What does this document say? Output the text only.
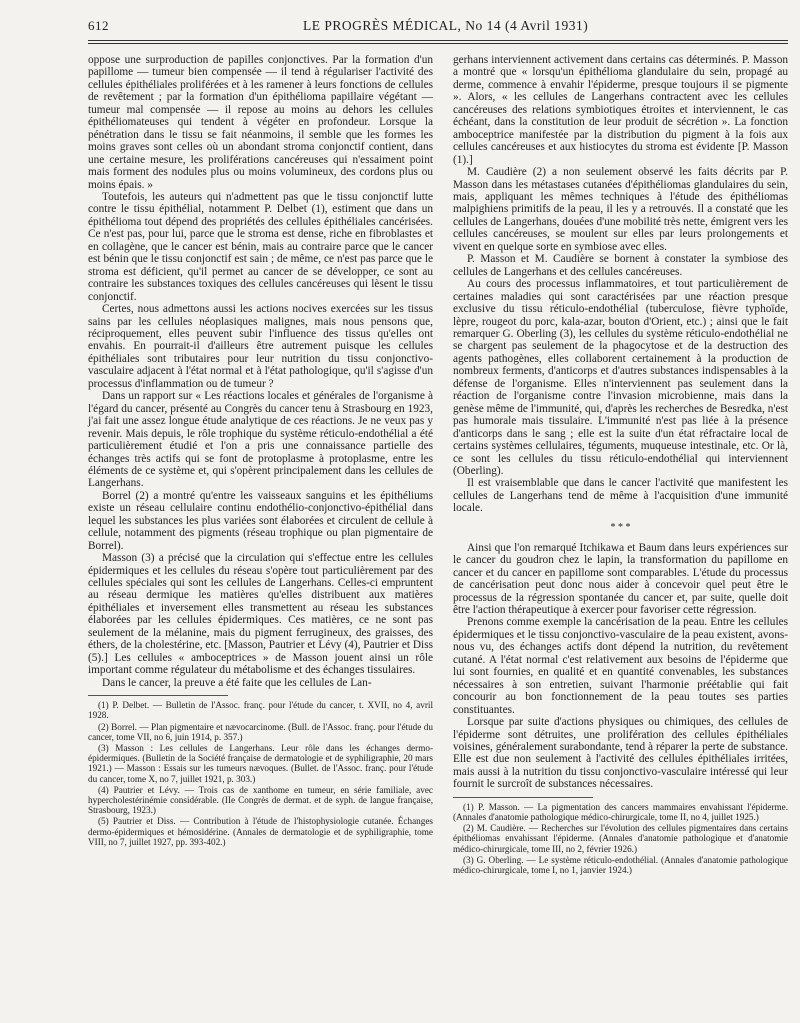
612	LE PROGRÈS MÉDICAL, No 14 (4 Avril 1931)

oppose une surproduction de papilles conjonctives. Par la formation d'un papillome — tumeur bien compensée — il tend à régulariser l'activité des cellules épithéliales proliférées et à les ramener à leurs fonctions de cellules de revêtement ; par la formation d'un épithélioma papillaire végétant — tumeur mal compensée — il repose au moins au dehors les cellules épithéliomateuses qui tendent à végéter en profondeur. Lorsque la pénétration dans le tissu se fait néanmoins, il semble que les formes les moins graves sont celles où un abondant stroma conjonctif contient, dans une certaine mesure, les proliférations cancéreuses qui n'essaiment point mais forment des nodules plus ou moins volumineux, des cordons plus ou moins épais. »

Toutefois, les auteurs qui n'admettent pas que le tissu conjonctif lutte contre le tissu épithélial, notamment P. Delbet (1), estiment que dans un épithélioma tout dépend des propriétés des cellules épithéliales cancérisées. Ce n'est pas, pour lui, parce que le stroma est dense, riche en fibroblastes et en collagène, que le cancer est bénin, mais au contraire parce que le cancer est bénin que le tissu conjonctif est sain ; de même, ce n'est pas parce que le stroma est déficient, qu'il permet au cancer de se développer, ce sont au contraire les substances toxiques des cellules cancéreuses qui lèsent le tissu conjonctif.

Certes, nous admettons aussi les actions nocives exercées sur les tissus sains par les cellules néoplasiques malignes, mais nous pensons que, réciproquement, elles peuvent subir l'influence des tissus qu'elles ont envahis. En pourrait-il d'ailleurs être autrement puisque les cellules épithéliales sont tributaires pour leur nutrition du tissu conjonctivo-vasculaire adjacent à l'état normal et à l'état pathologique, qu'il s'agisse d'un processus d'inflammation ou de tumeur ?

Dans un rapport sur « Les réactions locales et générales de l'organisme à l'égard du cancer, présenté au Congrès du cancer tenu à Strasbourg en 1923, j'ai fait une assez longue étude analytique de ces réactions. Je ne veux pas y revenir. Mais depuis, le rôle trophique du système réticulo-endothélial a été particulièrement étudié et l'on a pris une connaissance partielle des échanges très actifs qui se font de protoplasme à protoplasme, entre les éléments de ce système et, qui s'opèrent principalement dans les cellules de Langerhans.

Borrel (2) a montré qu'entre les vaisseaux sanguins et les épithéliums existe un réseau cellulaire continu endothélio-conjonctivo-épithélial dans lequel les substances les plus variées sont élaborées et circulent de cellule à cellule, notamment des pigments (réseau trophique ou plan pigmentaire de Borrel).

Masson (3) a précisé que la circulation qui s'effectue entre les cellules épidermiques et les cellules du réseau s'opère tout particulièrement par des cellules spéciales qui sont les cellules de Langerhans. Celles-ci empruntent au réseau dermique les matières qu'elles distribuent aux matières épithéliales et inversement elles transmettent au réseau les substances élaborées par les cellules épidermiques. Ces matières, ce ne sont pas seulement de la mélanine, mais du pigment ferrugineux, des graisses, des éthers, de la cholestérine, etc. [Masson, Pautrier et Lévy (4), Pautrier et Diss (5).] Les cellules « amboceptrices » de Masson jouent ainsi un rôle important comme régulateur du métabolisme et des échanges tissulaires.

Dans le cancer, la preuve a été faite que les cellules de Lan-

(1) P. Delbet. — Bulletin de l'Assoc. franç. pour l'étude du cancer, t. XVII, no 4, avril 1928.

(2) Borrel. — Plan pigmentaire et nævocarcinome. (Bull. de l'Assoc. franç. pour l'étude du cancer, tome VII, no 6, juin 1914, p. 357.)

(3) Masson : Les cellules de Langerhans. Leur rôle dans les échanges dermo-épidermiques. (Bulletin de la Société française de dermatologie et de syphiligraphie, 20 mars 1921.) — Masson : Essais sur les tumeurs nævoques. (Bullet. de l'Assoc. franç. pour l'étude du cancer, tome X, no 7, juillet 1921, p. 303.)

(4) Pautrier et Lévy. — Trois cas de xanthome en tumeur, en série familiale, avec hypercholestérinémie considérable. (IIe Congrès de dermat. et de syph. de langue française, Strasbourg, 1923.)

(5) Pautrier et Diss. — Contribution à l'étude de l'histophysiologie cutanée. Échanges dermo-épidermiques et hémosidérine. (Annales de dermatologie et de syphiligraphie, tome VIII, no 7, juillet 1927, pp. 393-402.)

gerhans interviennent activement dans certains cas déterminés. P. Masson a montré que « lorsqu'un épithélioma glandulaire du sein, propagé au derme, commence à envahir l'épiderme, presque toujours il se pigmente ». Alors, « les cellules de Langerhans contractent avec les cellules cancéreuses des relations symbiotiques étroites et interviennent, le cas échéant, dans la constitution de leur produit de sécrétion ». La fonction amboceptrice manifestée par la distribution du pigment à la fois aux cellules cancéreuses et aux histiocytes du stroma est évidente [P. Masson (1).]

M. Caudière (2) a non seulement observé les faits décrits par P. Masson dans les métastases cutanées d'épithéliomas glandulaires du sein, mais, appliquant les mêmes techniques à l'étude des épithéliomas malpighiens primitifs de la peau, il les y a retrouvés. Il a constaté que les cellules de Langerhans, douées d'une mobilité très nette, émigrent vers les cellules cancéreuses, se moulent sur elles par leurs prolongements et vivent en quelque sorte en symbiose avec elles.

P. Masson et M. Caudière se bornent à constater la symbiose des cellules de Langerhans et des cellules cancéreuses.

Au cours des processus inflammatoires, et tout particulièrement de certaines maladies qui sont caractérisées par une réaction presque exclusive du tissu réticulo-endothélial (tuberculose, fièvre typhoïde, lèpre, rougeot du porc, kala-azar, bouton d'Orient, etc.) ; ainsi que le fait remarquer G. Oberling (3), les cellules du système réticulo-endothélial ne se chargent pas seulement de la phagocytose et de la destruction des agents pathogènes, elles collaborent certainement à la production de nombreux ferments, d'anticorps et d'autres substances indispensables à la défense de l'organisme. Elles n'interviennent pas seulement dans la réaction de l'organisme contre l'invasion microbienne, mais dans la genèse même de l'immunité, qui, d'après les recherches de Besredka, n'est pas humorale mais tissulaire. L'immunité n'est pas liée à la présence d'anticorps dans le sang ; elle est la suite d'un état réfractaire local de certains systèmes cellulaires, téguments, muqueuse intestinale, etc. Or là, ce sont les cellules du tissu réticulo-endothélial qui interviennent (Oberling).

Il est vraisemblable que dans le cancer l'activité que manifestent les cellules de Langerhans tend de même à l'acquisition d'une immunité locale.

* * *

Ainsi que l'on remarqué Itchikawa et Baum dans leurs expériences sur le cancer du goudron chez le lapin, la transformation du papillome en cancer et du cancer en papillome sont comparables. L'étude du processus de cancérisation peut donc nous aider à concevoir quel peut être le processus de la régression spontanée du cancer et, par suite, quelle doit être l'action thérapeutique à exercer pour favoriser cette régression.

Prenons comme exemple la cancérisation de la peau. Entre les cellules épidermiques et le tissu conjonctivo-vasculaire de la peau existent, avons-nous vu, des échanges actifs dont dépend la nutrition, du revêtement cutané. A l'état normal c'est relativement aux besoins de l'épiderme que lui sont fournies, en qualité et en quantité convenables, les substances nécessaires à son entretien, suivant l'harmonie préétablie qui fait concourir au bon fonctionnement de la peau toutes ses parties constituantes.

Lorsque par suite d'actions physiques ou chimiques, des cellules de l'épiderme sont détruites, une prolifération des cellules épithéliales voisines, généralement surabondante, tend à réparer la perte de substance. Elle est due non seulement à l'activité des cellules épithéliales irritées, mais aussi à la nutrition du tissu conjonctivo-vasculaire intéressé qui leur fournit le surcroît de substances nécessaires.

(1) P. Masson. — La pigmentation des cancers mammaires envahissant l'épiderme. (Annales d'anatomie pathologique médico-chirurgicale, tome II, no 4, juillet 1925.)

(2) M. Caudière. — Recherches sur l'évolution des cellules pigmentaires dans certains épithéliomas envahissant l'épiderme. (Annales d'anatomie pathologique et d'anatomie médico-chirurgicale, tome III, no 2, février 1926.)

(3) G. Oberling. — Le système réticulo-endothélial. (Annales d'anatomie pathologique médico-chirurgicale, tome I, no 1, janvier 1924.)
